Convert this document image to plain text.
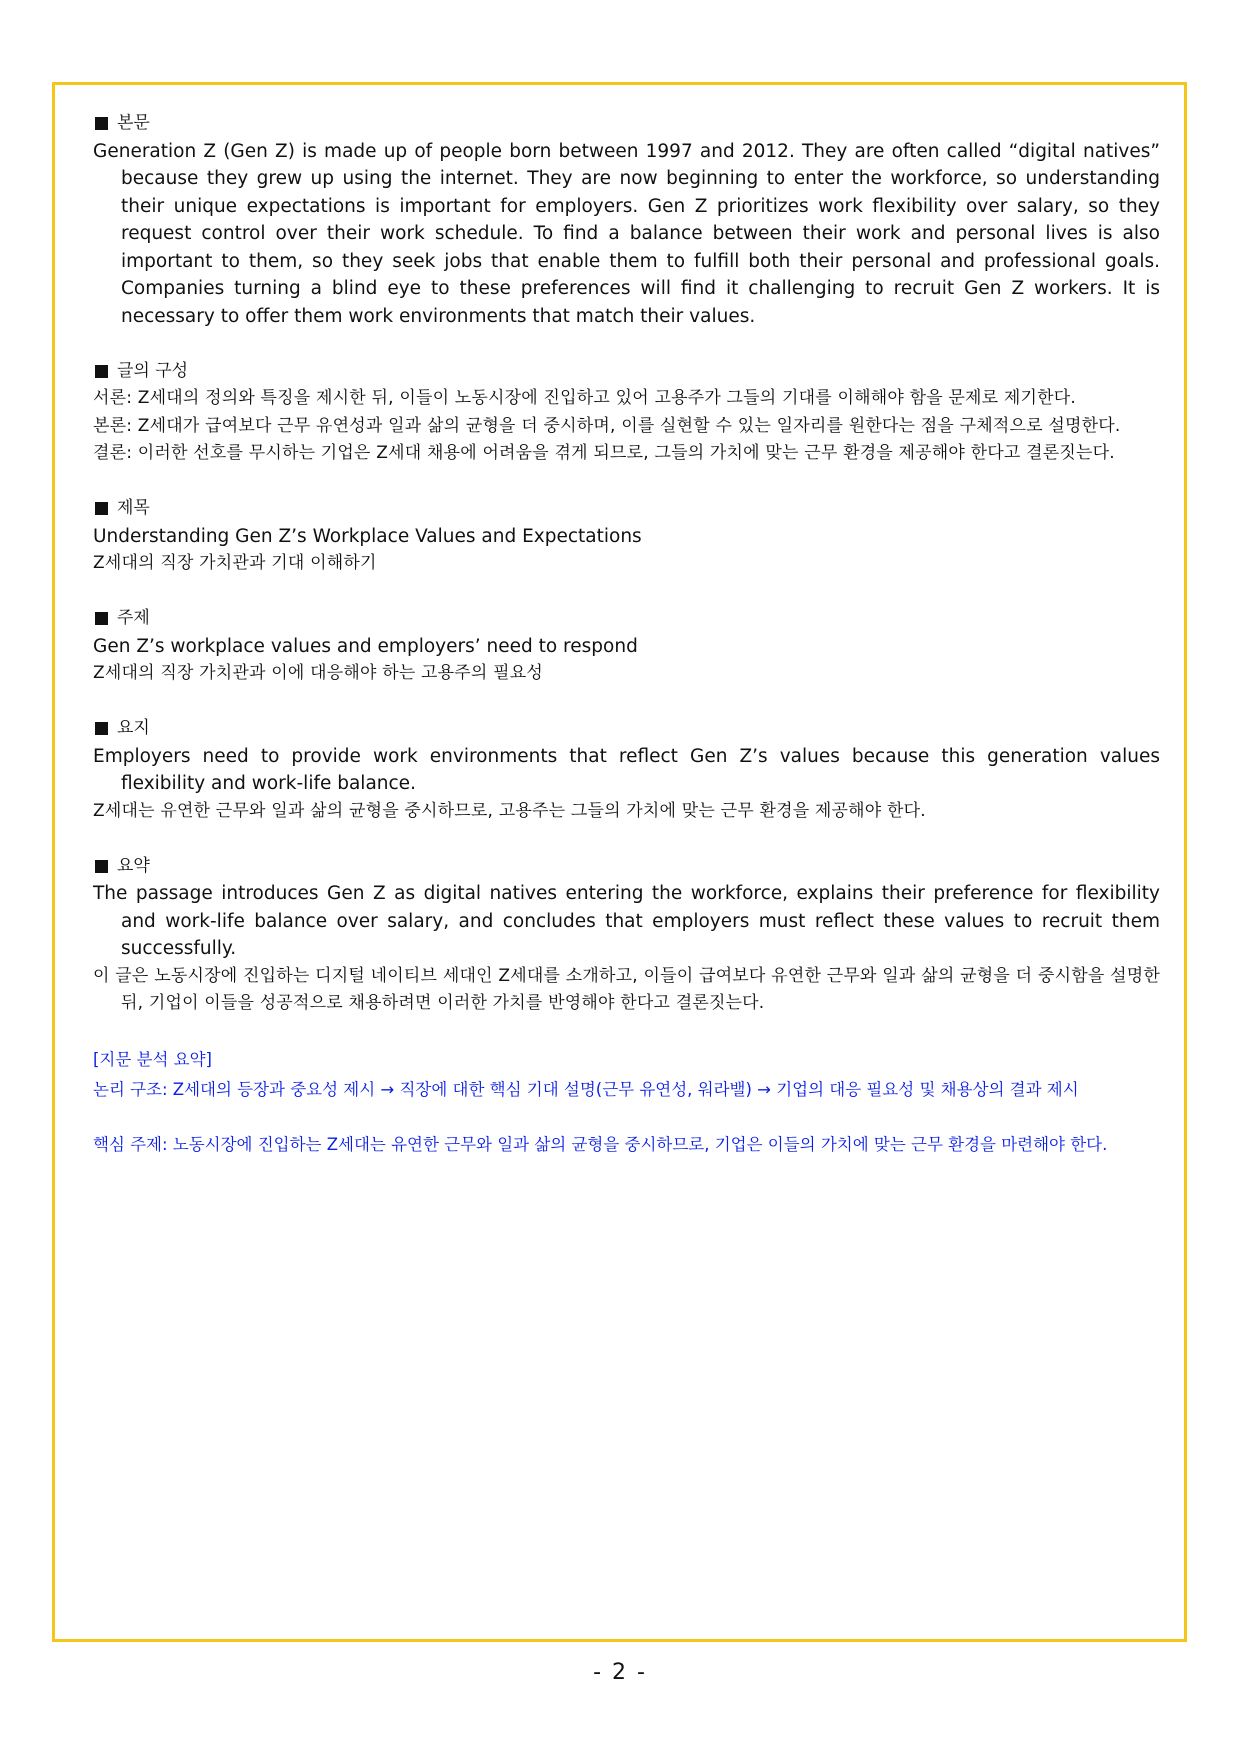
본문
Generation Z (Gen Z) is made up of people born between 1997 and 2012. They are often called “digital natives” because they grew up using the internet. They are now beginning to enter the workforce, so understanding their unique expectations is important for employers. Gen Z prioritizes work flexibility over salary, so they request control over their work schedule. To find a balance between their work and personal lives is also important to them, so they seek jobs that enable them to fulfill both their personal and professional goals. Companies turning a blind eye to these preferences will find it challenging to recruit Gen Z workers. It is necessary to offer them work environments that match their values.
글의 구성
서론: Z세대의 정의와 특징을 제시한 뒤, 이들이 노동시장에 진입하고 있어 고용주가 그들의 기대를 이해해야 함을 문제로 제기한다.
본론: Z세대가 급여보다 근무 유연성과 일과 삶의 균형을 더 중시하며, 이를 실현할 수 있는 일자리를 원한다는 점을 구체적으로 설명한다.
결론: 이러한 선호를 무시하는 기업은 Z세대 채용에 어려움을 겪게 되므로, 그들의 가치에 맞는 근무 환경을 제공해야 한다고 결론짓는다.
제목
Understanding Gen Z’s Workplace Values and Expectations
Z세대의 직장 가치관과 기대 이해하기
주제
Gen Z’s workplace values and employers’ need to respond
Z세대의 직장 가치관과 이에 대응해야 하는 고용주의 필요성
요지
Employers need to provide work environments that reflect Gen Z’s values because this generation values flexibility and work-life balance.
Z세대는 유연한 근무와 일과 삶의 균형을 중시하므로, 고용주는 그들의 가치에 맞는 근무 환경을 제공해야 한다.
요약
The passage introduces Gen Z as digital natives entering the workforce, explains their preference for flexibility and work-life balance over salary, and concludes that employers must reflect these values to recruit them successfully.
이 글은 노동시장에 진입하는 디지털 네이티브 세대인 Z세대를 소개하고, 이들이 급여보다 유연한 근무와 일과 삶의 균형을 더 중시함을 설명한 뒤, 기업이 이들을 성공적으로 채용하려면 이러한 가치를 반영해야 한다고 결론짓는다.
[지문 분석 요약]
논리 구조: Z세대의 등장과 중요성 제시 → 직장에 대한 핵심 기대 설명(근무 유연성, 워라밸) → 기업의 대응 필요성 및 채용상의 결과 제시
핵심 주제: 노동시장에 진입하는 Z세대는 유연한 근무와 일과 삶의 균형을 중시하므로, 기업은 이들의 가치에 맞는 근무 환경을 마련해야 한다.
- 2 -
